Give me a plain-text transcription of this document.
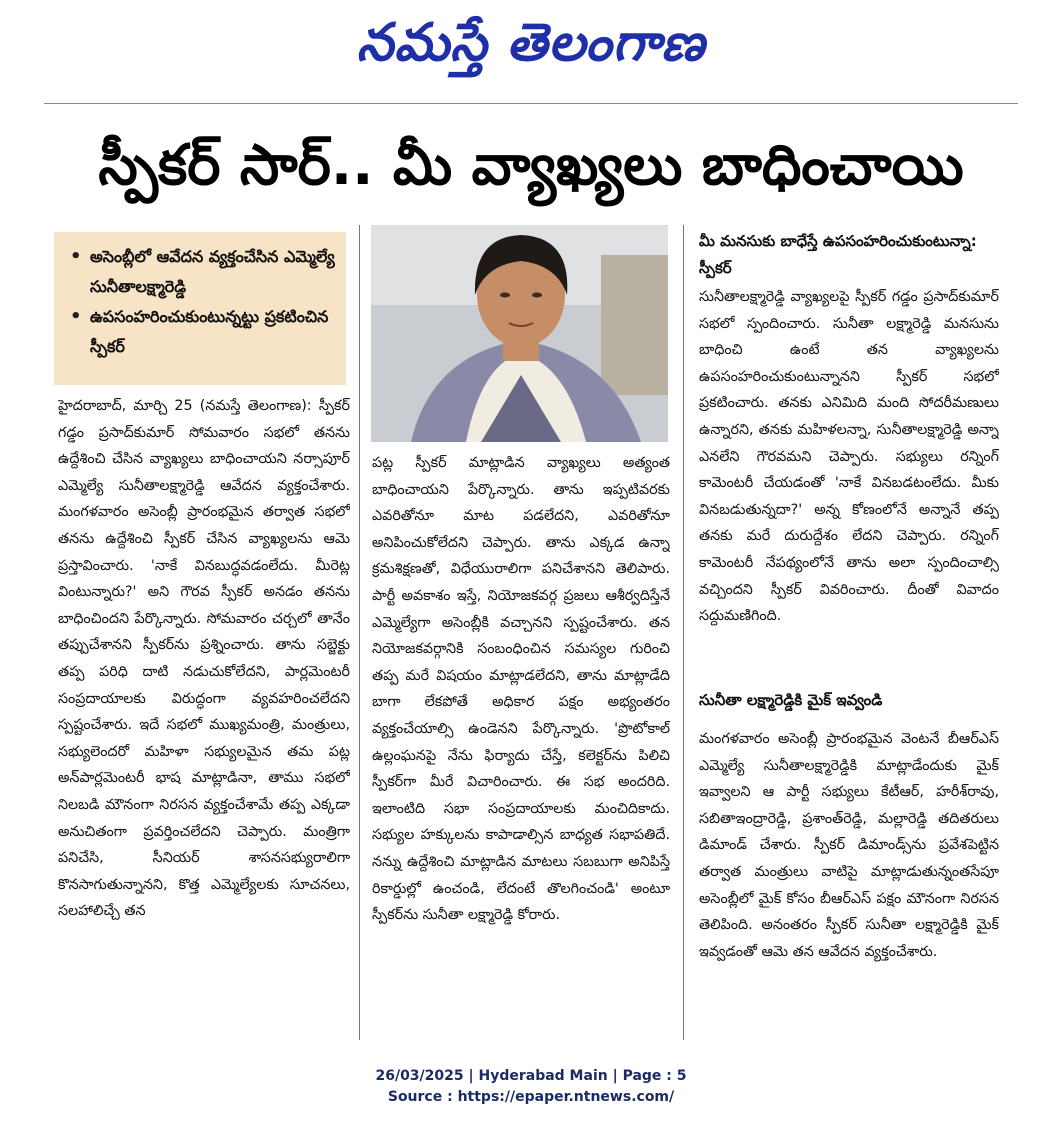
నమస్తే తెలంగాణ
స్పీకర్ సార్.. మీ వ్యాఖ్యలు బాధించాయి
• అసెంబ్లీలో ఆవేదన వ్యక్తంచేసిన ఎమ్మెల్యే సునీతాలక్ష్మారెడ్డి
• ఉపసంహరించుకుంటున్నట్టు ప్రకటించిన స్పీకర్

హైదరాబాద్, మార్చి 25 (నమస్తే తెలంగాణ): స్పీకర్ గడ్డం ప్రసాద్‌కుమార్ సోమవారం సభలో తనను ఉద్దేశించి చేసిన వ్యాఖ్యలు బాధించాయని నర్సాపూర్ ఎమ్మెల్యే సునీతాలక్ష్మారెడ్డి ఆవేదన వ్యక్తంచేశారు. మంగళవారం అసెంబ్లీ ప్రారంభమైన తర్వాత సభలో తనను ఉద్దేశించి స్పీకర్ చేసిన వ్యాఖ్యలను ఆమె ప్రస్తావించారు. 'నాకే వినబుద్ధవడంలేదు. మీరెట్ల వింటున్నారు?' అని గౌరవ స్పీకర్ అనడం తనను బాధించిందని పేర్కొన్నారు. సోమవారం చర్చలో తానేం తప్పుచేశానని స్పీకర్‌ను ప్రశ్నించారు. తాను సబ్జెక్టు తప్ప పరిధి దాటి నడుచుకోలేదని, పార్లమెంటరీ సంప్రదాయాలకు విరుద్ధంగా వ్యవహరించలేదని స్పష్టంచేశారు. ఇదే సభలో ముఖ్యమంత్రి, మంత్రులు, సభ్యులెందరో మహిళా సభ్యులమైన తమ పట్ల అన్‌పార్లమెంటరీ భాష మాట్లాడినా, తాము సభలో నిలబడి మౌనంగా నిరసన వ్యక్తంచేశామే తప్ప ఎక్కడా అనుచితంగా ప్రవర్తించలేదని చెప్పారు. మంత్రిగా పనిచేసి, సీనియర్ శాసనసభ్యురాలిగా కొనసాగుతున్నానని, కొత్త ఎమ్మెల్యేలకు సూచనలు, సలహాలిచ్చే తన

పట్ల స్పీకర్ మాట్లాడిన వ్యాఖ్యలు అత్యంత బాధించాయని పేర్కొన్నారు. తాను ఇప్పటివరకు ఎవరితోనూ మాట పడలేదని, ఎవరితోనూ అనిపించుకోలేదని చెప్పారు. తాను ఎక్కడ ఉన్నా క్రమశిక్షణతో, విధేయురాలిగా పనిచేశానని తెలిపారు. పార్టీ అవకాశం ఇస్తే, నియోజకవర్గ ప్రజలు ఆశీర్వదిస్తేనే ఎమ్మెల్యేగా అసెంబ్లీకి వచ్చానని స్పష్టంచేశారు. తన నియోజకవర్గానికి సంబంధించిన సమస్యల గురించి తప్ప మరే విషయం మాట్లాడలేదని, తాను మాట్లాడేది బాగా లేకపోతే అధికార పక్షం అభ్యంతరం వ్యక్తంచేయాల్సి ఉండెనని పేర్కొన్నారు. 'ప్రొటోకాల్ ఉల్లంఘనపై నేను ఫిర్యాదు చేస్తే, కలెక్టర్‌ను పిలిచి స్పీకర్‌గా మీరే విచారించారు. ఈ సభ అందరిది. ఇలాంటిది సభా సంప్రదాయాలకు మంచిదికాదు. సభ్యుల హక్కులను కాపాడాల్సిన బాధ్యత సభాపతిదే. నన్ను ఉద్దేశించి మాట్లాడిన మాటలు సబబుగా అనిపిస్తే రికార్డుల్లో ఉంచండి, లేదంటే తొలగించండి' అంటూ స్పీకర్‌ను సునీతా లక్ష్మారెడ్డి కోరారు.

మీ మనసుకు బాధేస్తే ఉపసంహరించుకుంటున్నా: స్పీకర్

సునీతాలక్ష్మారెడ్డి వ్యాఖ్యలపై స్పీకర్ గడ్డం ప్రసాద్‌కుమార్ సభలో స్పందించారు. సునీతా లక్ష్మారెడ్డి మనసును బాధించి ఉంటే తన వ్యాఖ్యలను ఉపసంహరించుకుంటున్నానని స్పీకర్ సభలో ప్రకటించారు. తనకు ఎనిమిది మంది సోదరీమణులు ఉన్నారని, తనకు మహిళలన్నా, సునీతాలక్ష్మారెడ్డి అన్నా ఎనలేని గౌరవమని చెప్పారు. సభ్యులు రన్నింగ్ కామెంటరీ చేయడంతో 'నాకే వినబడటంలేదు. మీకు వినబడుతున్నదా?' అన్న కోణంలోనే అన్నానే తప్ప తనకు మరే దురుద్దేశం లేదని చెప్పారు. రన్నింగ్ కామెంటరీ నేపథ్యంలోనే తాను అలా స్పందించాల్సి వచ్చిందని స్పీకర్ వివరించారు. దీంతో వివాదం సద్దుమణిగింది.

సునీతా లక్ష్మారెడ్డికి మైక్ ఇవ్వండి

మంగళవారం అసెంబ్లీ ప్రారంభమైన వెంటనే బీఆర్‌ఎస్ ఎమ్మెల్యే సునీతాలక్ష్మారెడ్డికి మాట్లాడేందుకు మైక్ ఇవ్వాలని ఆ పార్టీ సభ్యులు కేటీఆర్, హరీశ్‌రావు, సబితాఇంద్రారెడ్డి, ప్రశాంత్‌రెడ్డి, మల్లారెడ్డి తదితరులు డిమాండ్ చేశారు. స్పీకర్ డిమాండ్స్‌ను ప్రవేశపెట్టిన తర్వాత మంత్రులు వాటిపై మాట్లాడుతున్నంతసేపూ అసెంబ్లీలో మైక్ కోసం బీఆర్‌ఎస్ పక్షం మౌనంగా నిరసన తెలిపింది. అనంతరం స్పీకర్ సునీతా లక్ష్మారెడ్డికి మైక్ ఇవ్వడంతో ఆమె తన ఆవేదన వ్యక్తంచేశారు.

26/03/2025 | Hyderabad Main | Page : 5
Source : https://epaper.ntnews.com/
